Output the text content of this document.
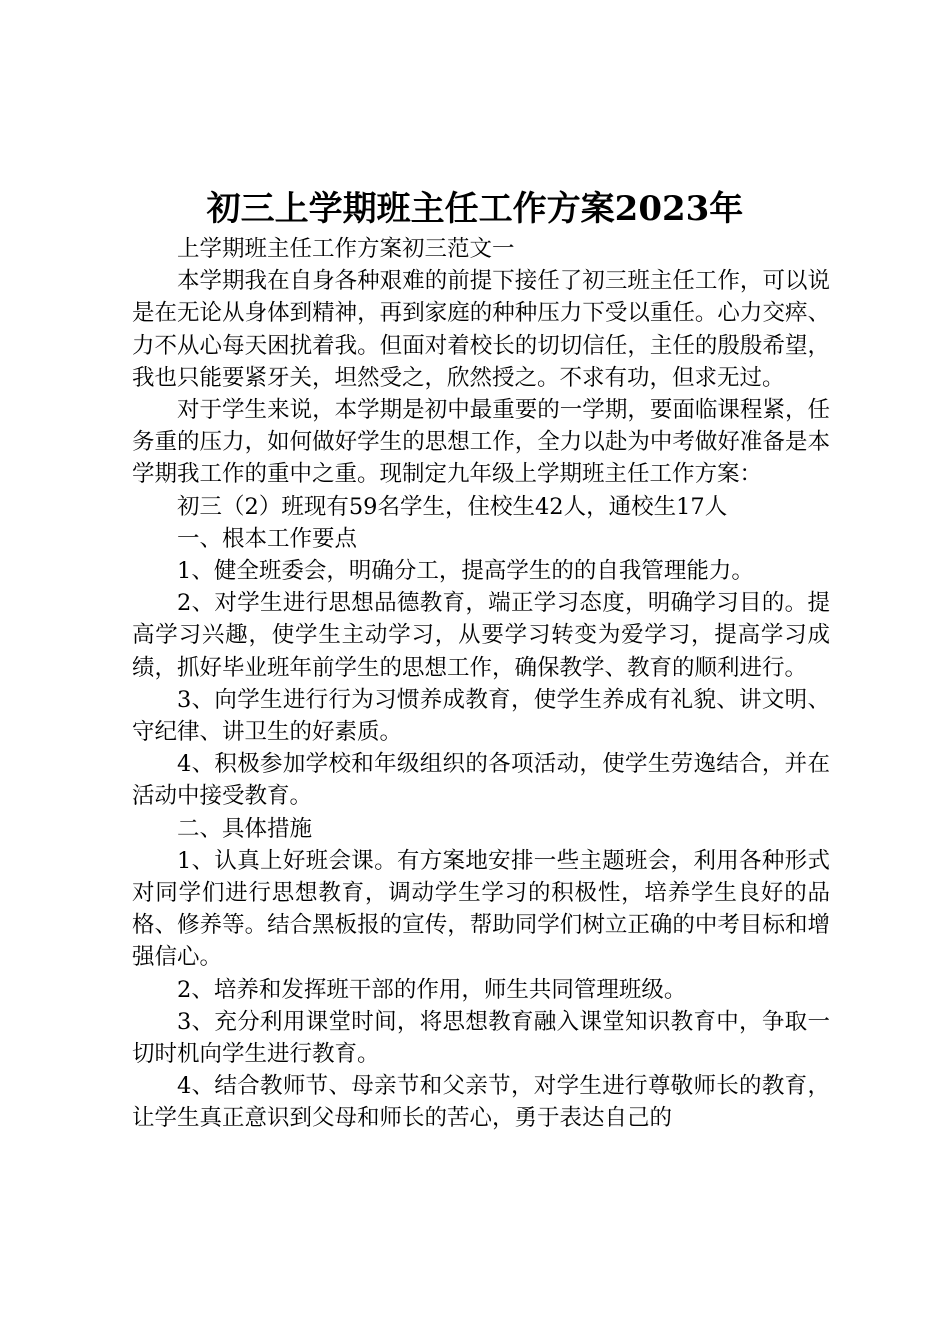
初三上学期班主任工作方案2023年

上学期班主任工作方案初三范文一

本学期我在自身各种艰难的前提下接任了初三班主任工作，可以说是在无论从身体到精神，再到家庭的种种压力下受以重任。心力交瘁、力不从心每天困扰着我。但面对着校长的切切信任，主任的殷殷希望，我也只能要紧牙关，坦然受之，欣然授之。不求有功，但求无过。

对于学生来说，本学期是初中最重要的一学期，要面临课程紧，任务重的压力，如何做好学生的思想工作，全力以赴为中考做好准备是本学期我工作的重中之重。现制定九年级上学期班主任工作方案：

初三（2）班现有59名学生，住校生42人，通校生17人

一、根本工作要点

1、健全班委会，明确分工，提高学生的的自我管理能力。

2、对学生进行思想品德教育，端正学习态度，明确学习目的。提高学习兴趣，使学生主动学习，从要学习转变为爱学习，提高学习成绩，抓好毕业班年前学生的思想工作，确保教学、教育的顺利进行。

3、向学生进行行为习惯养成教育，使学生养成有礼貌、讲文明、守纪律、讲卫生的好素质。

4、积极参加学校和年级组织的各项活动，使学生劳逸结合，并在活动中接受教育。

二、具体措施

1、认真上好班会课。有方案地安排一些主题班会，利用各种形式对同学们进行思想教育，调动学生学习的积极性，培养学生良好的品格、修养等。结合黑板报的宣传，帮助同学们树立正确的中考目标和增强信心。

2、培养和发挥班干部的作用，师生共同管理班级。

3、充分利用课堂时间，将思想教育融入课堂知识教育中，争取一切时机向学生进行教育。

4、结合教师节、母亲节和父亲节，对学生进行尊敬师长的教育，让学生真正意识到父母和师长的苦心，勇于表达自己的
